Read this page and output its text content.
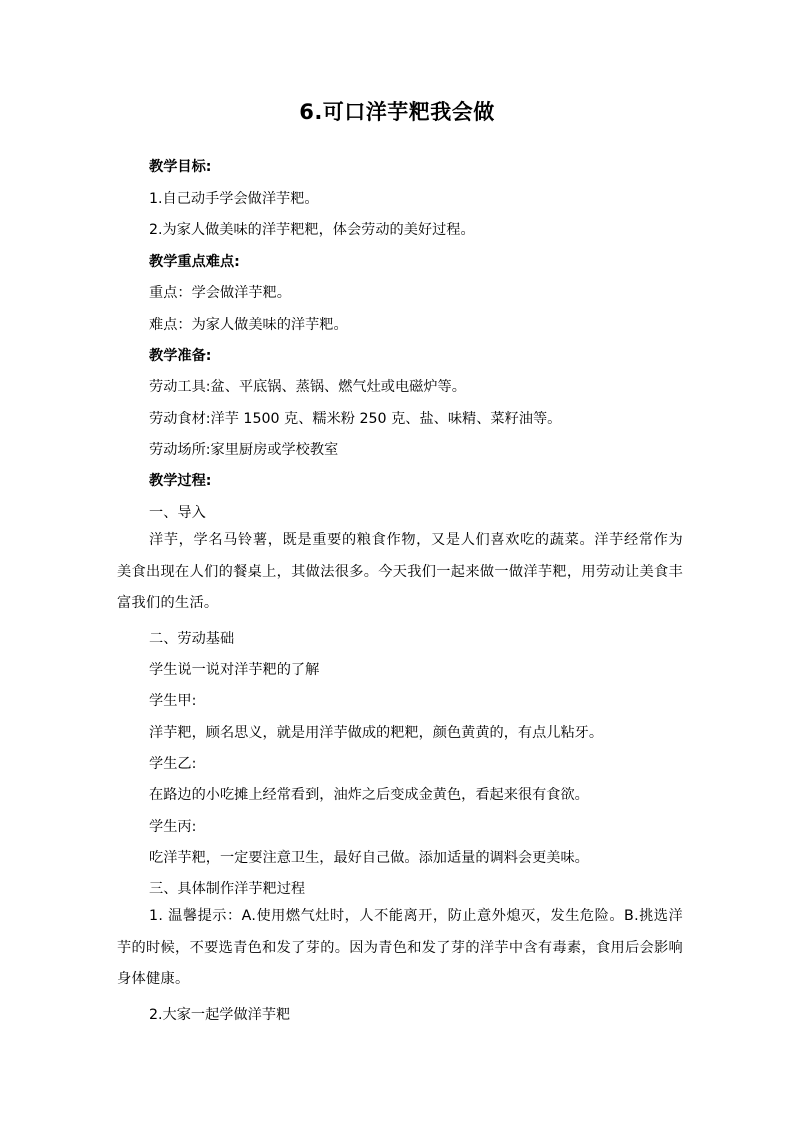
6.可口洋芋粑我会做
教学目标:
1.自己动手学会做洋芋粑。
2.为家人做美味的洋芋粑粑，体会劳动的美好过程。
教学重点难点:
重点：学会做洋芋粑。
难点：为家人做美味的洋芋粑。
教学准备:
劳动工具:盆、平底锅、蒸锅、燃气灶或电磁炉等。
劳动食材:洋芋 1500 克、糯米粉 250 克、盐、味精、菜籽油等。
劳动场所:家里厨房或学校教室
教学过程:
一、导入
洋芋，学名马铃薯，既是重要的粮食作物，又是人们喜欢吃的蔬菜。洋芋经常作为美食出现在人们的餐桌上，其做法很多。今天我们一起来做一做洋芋粑，用劳动让美食丰富我们的生活。
二、劳动基础
学生说一说对洋芋粑的了解
学生甲:
洋芋粑，顾名思义，就是用洋芋做成的粑粑，颜色黄黄的，有点儿粘牙。
学生乙:
在路边的小吃摊上经常看到，油炸之后变成金黄色，看起来很有食欲。
学生丙:
吃洋芋粑，一定要注意卫生，最好自己做。添加适量的调料会更美味。
三、具体制作洋芋粑过程
1. 温馨提示：A.使用燃气灶时，人不能离开，防止意外熄灭，发生危险。B.挑选洋芋的时候，不要选青色和发了芽的。因为青色和发了芽的洋芋中含有毒素，食用后会影响身体健康。
2.大家一起学做洋芋粑
